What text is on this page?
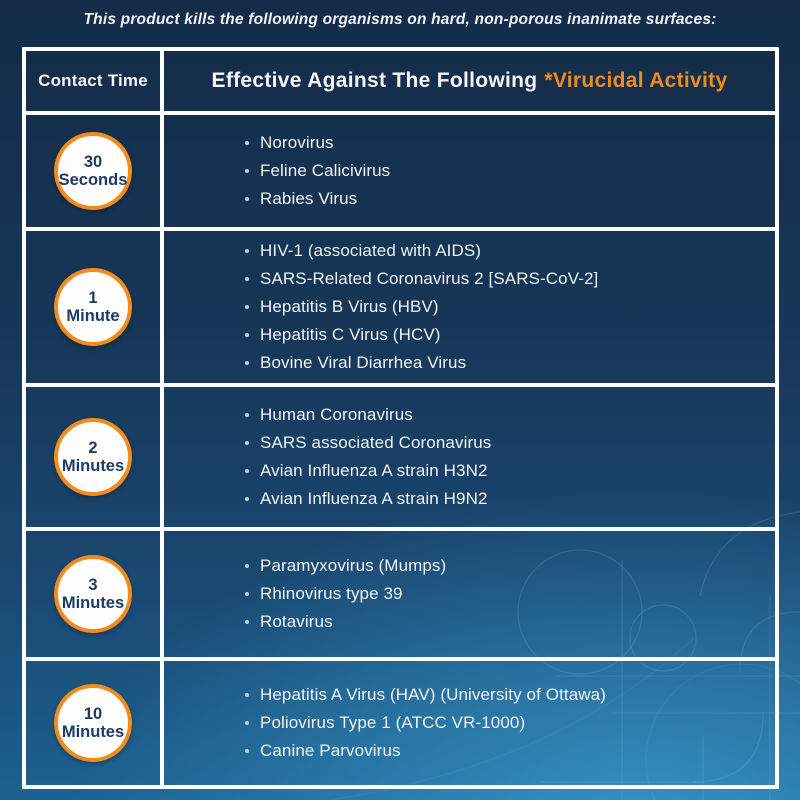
This product kills the following organisms on hard, non-porous inanimate surfaces:
Contact Time	Effective Against The Following *Virucidal Activity
30
Seconds
Norovirus
Feline Calicivirus
Rabies Virus
1
Minute
HIV-1 (associated with AIDS)
SARS-Related Coronavirus 2 [SARS-CoV-2]
Hepatitis B Virus (HBV)
Hepatitis C Virus (HCV)
Bovine Viral Diarrhea Virus
2
Minutes
Human Coronavirus
SARS associated Coronavirus
Avian Influenza A strain H3N2
Avian Influenza A strain H9N2
3
Minutes
Paramyxovirus (Mumps)
Rhinovirus type 39
Rotavirus
10
Minutes
Hepatitis A Virus (HAV) (University of Ottawa)
Poliovirus Type 1 (ATCC VR-1000)
Canine Parvovirus
